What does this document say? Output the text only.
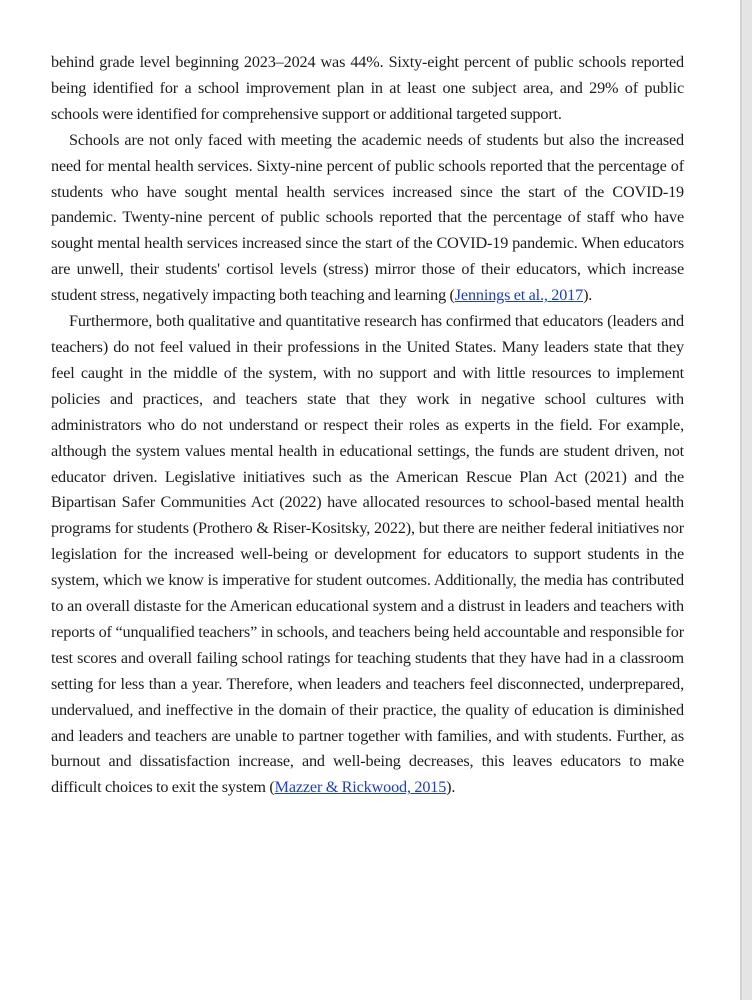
behind grade level beginning 2023–2024 was 44%. Sixty-eight percent of public schools reported being identified for a school improvement plan in at least one subject area, and 29% of public schools were identified for comprehensive support or additional targeted support.

Schools are not only faced with meeting the academic needs of students but also the increased need for mental health services. Sixty-nine percent of public schools reported that the percentage of students who have sought mental health services increased since the start of the COVID-19 pandemic. Twenty-nine percent of public schools reported that the percentage of staff who have sought mental health services increased since the start of the COVID-19 pandemic. When educators are unwell, their students' cortisol levels (stress) mirror those of their educators, which increase student stress, negatively impacting both teaching and learning (Jennings et al., 2017).

Furthermore, both qualitative and quantitative research has confirmed that educators (leaders and teachers) do not feel valued in their professions in the United States. Many leaders state that they feel caught in the middle of the system, with no support and with little resources to implement policies and practices, and teachers state that they work in negative school cultures with administrators who do not understand or respect their roles as experts in the field. For example, although the system values mental health in educational settings, the funds are student driven, not educator driven. Legislative initiatives such as the American Rescue Plan Act (2021) and the Bipartisan Safer Communities Act (2022) have allocated resources to school-based mental health programs for students (Prothero & Riser-Kositsky, 2022), but there are neither federal initiatives nor legislation for the increased well-being or development for educators to support students in the system, which we know is imperative for student outcomes. Additionally, the media has contributed to an overall distaste for the American educational system and a distrust in leaders and teachers with reports of “unqualified teachers” in schools, and teachers being held accountable and responsible for test scores and overall failing school ratings for teaching students that they have had in a classroom setting for less than a year. Therefore, when leaders and teachers feel disconnected, underprepared, undervalued, and ineffective in the domain of their practice, the quality of education is diminished and leaders and teachers are unable to partner together with families, and with students. Further, as burnout and dissatisfaction increase, and well-being decreases, this leaves educators to make difficult choices to exit the system (Mazzer & Rickwood, 2015).
